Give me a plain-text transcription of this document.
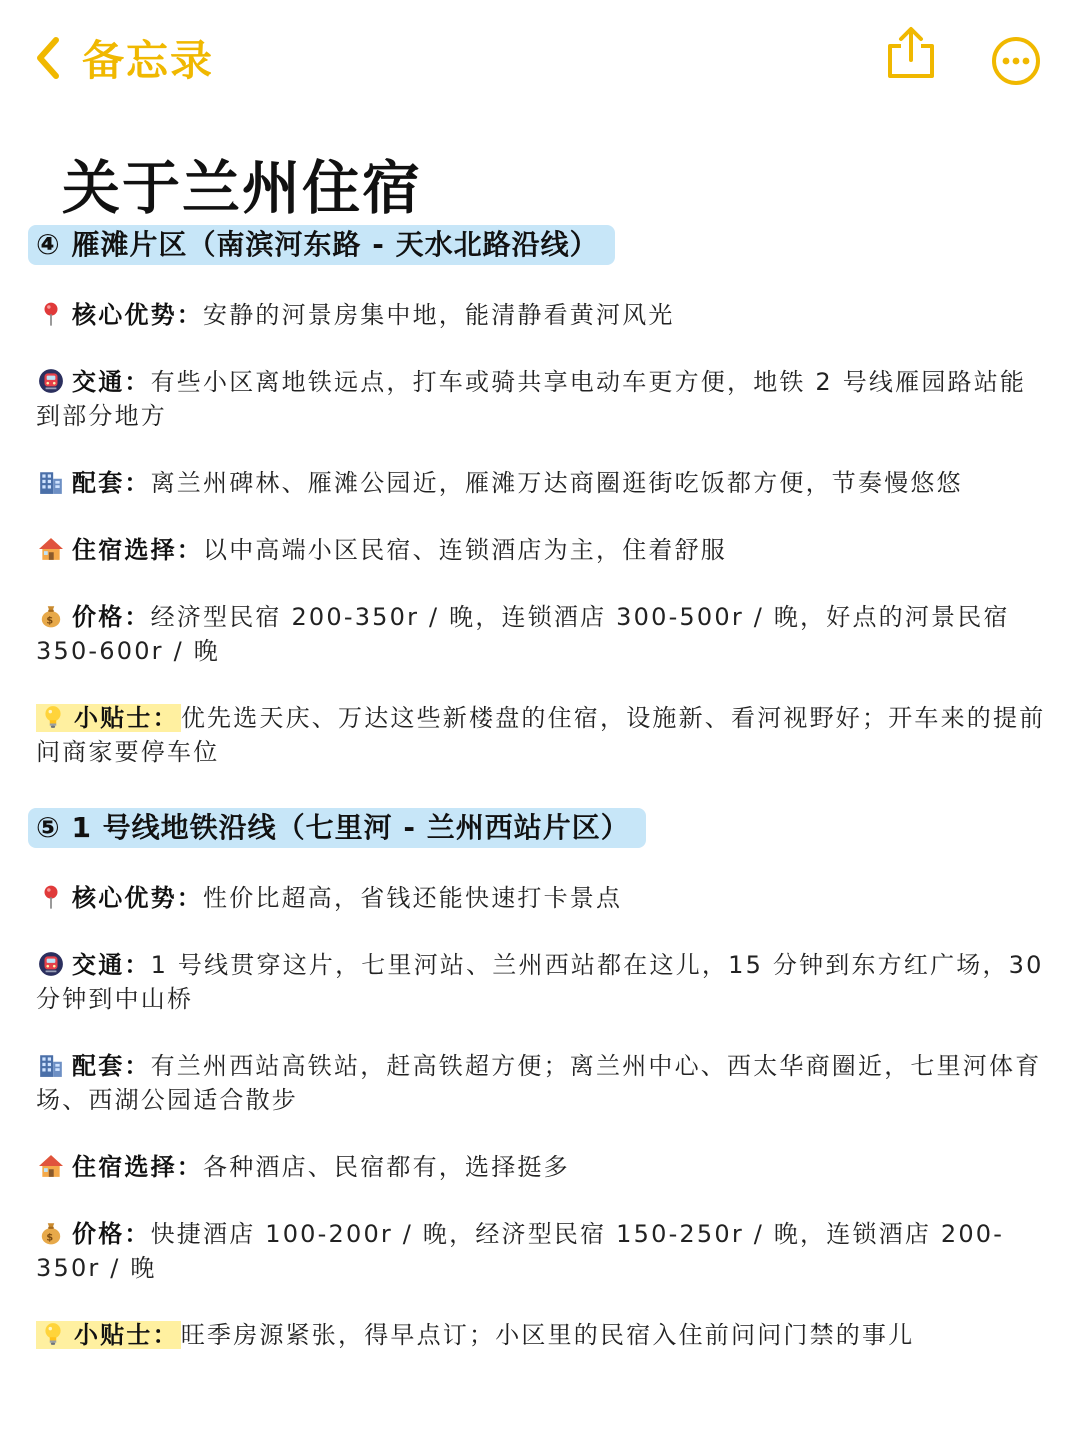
备忘录
关于兰州住宿
④ 雁滩片区（南滨河东路 - 天水北路沿线）
核心优势：安静的河景房集中地，能清静看黄河风光
交通：有些小区离地铁远点，打车或骑共享电动车更方便，地铁 2 号线雁园路站能到部分地方
配套：离兰州碑林、雁滩公园近，雁滩万达商圈逛街吃饭都方便，节奏慢悠悠
住宿选择：以中高端小区民宿、连锁酒店为主，住着舒服
价格：经济型民宿 200-350r / 晚，连锁酒店 300-500r / 晚，好点的河景民宿 350-600r / 晚
小贴士：优先选天庆、万达这些新楼盘的住宿，设施新、看河视野好；开车来的提前问商家要停车位
⑤ 1 号线地铁沿线（七里河 - 兰州西站片区）
核心优势：性价比超高，省钱还能快速打卡景点
交通：1 号线贯穿这片，七里河站、兰州西站都在这儿，15 分钟到东方红广场，30 分钟到中山桥
配套：有兰州西站高铁站，赶高铁超方便；离兰州中心、西太华商圈近，七里河体育场、西湖公园适合散步
住宿选择：各种酒店、民宿都有，选择挺多
价格：快捷酒店 100-200r / 晚，经济型民宿 150-250r / 晚，连锁酒店 200-350r / 晚
小贴士：旺季房源紧张，得早点订；小区里的民宿入住前问问门禁的事儿
